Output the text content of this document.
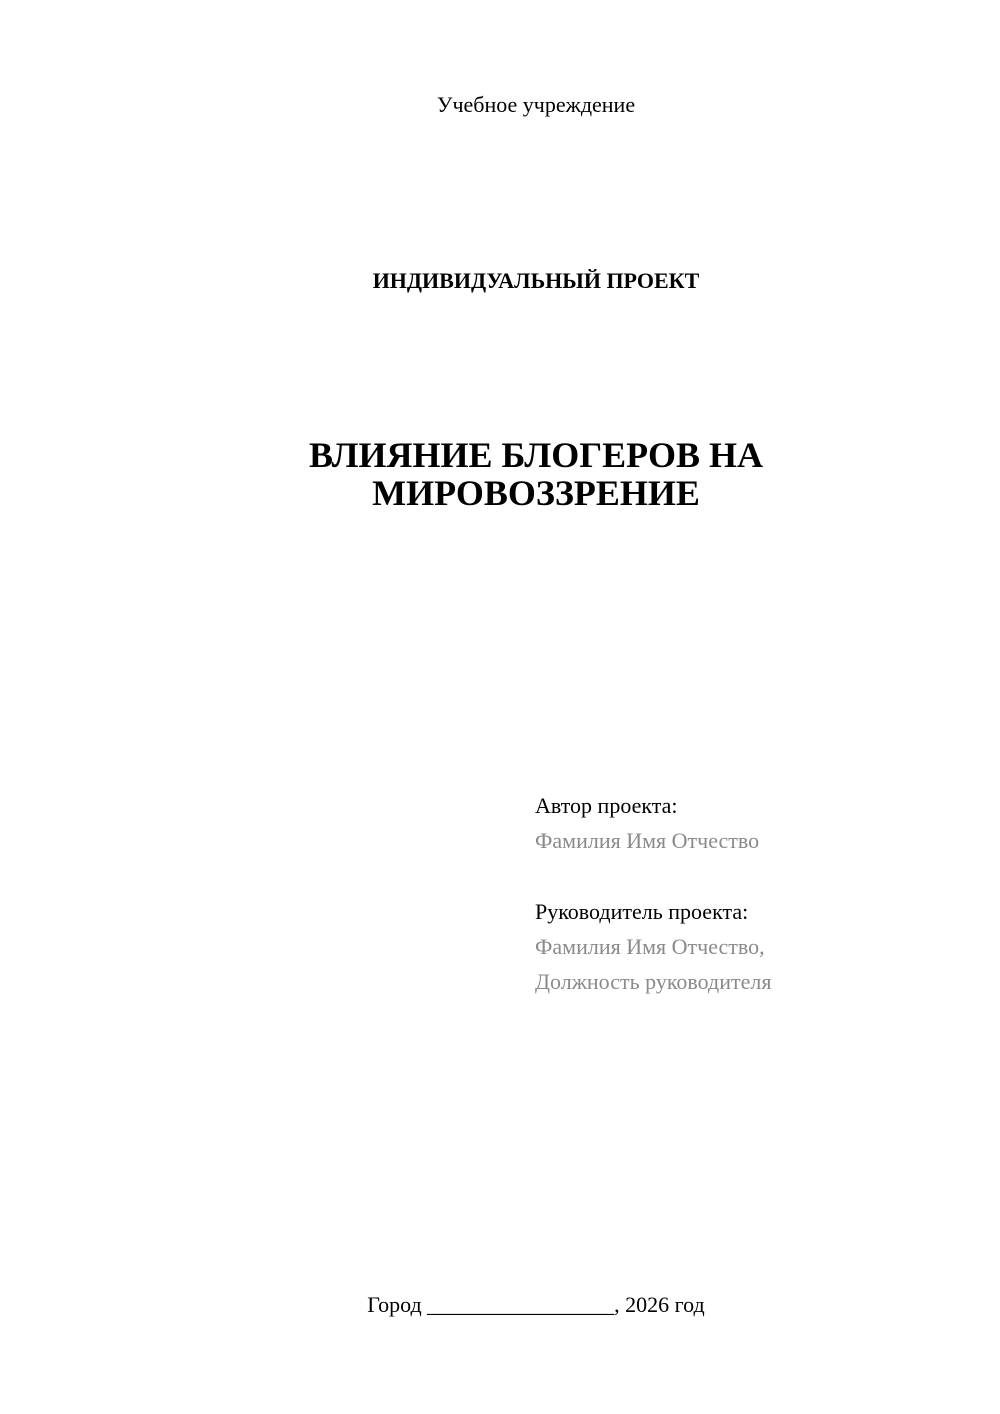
Учебное учреждение
ИНДИВИДУАЛЬНЫЙ ПРОЕКТ
ВЛИЯНИЕ БЛОГЕРОВ НА
МИРОВОЗЗРЕНИЕ
Автор проекта:
Фамилия Имя Отчество
Руководитель проекта:
Фамилия Имя Отчество,
Должность руководителя
Город _________________, 2026 год
